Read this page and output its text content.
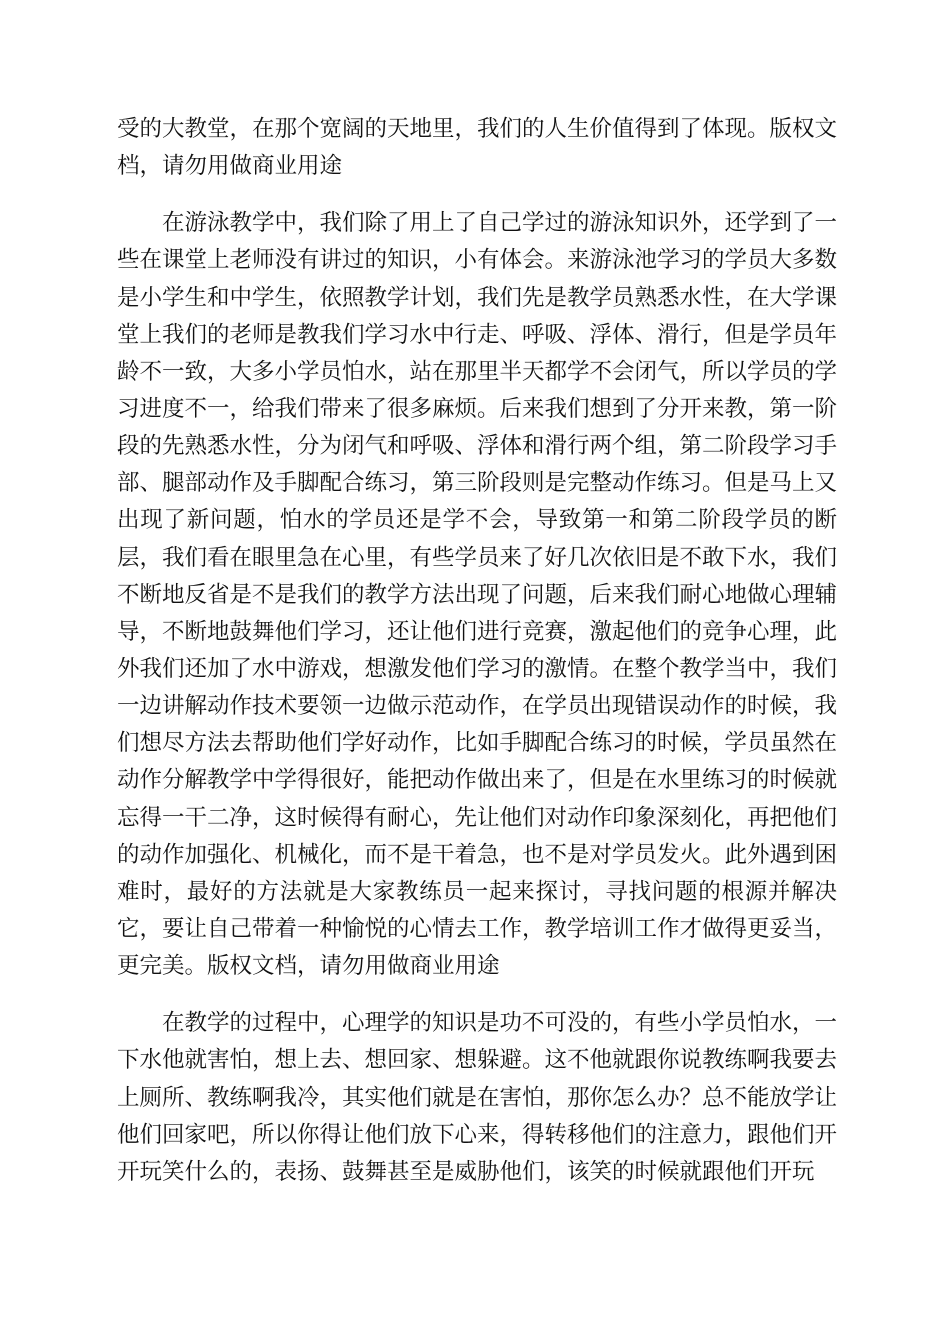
受的大教堂，在那个宽阔的天地里，我们的人生价值得到了体现。版权文
档，请勿用做商业用途
在游泳教学中，我们除了用上了自己学过的游泳知识外，还学到了一
些在课堂上老师没有讲过的知识，小有体会。来游泳池学习的学员大多数
是小学生和中学生，依照教学计划，我们先是教学员熟悉水性，在大学课
堂上我们的老师是教我们学习水中行走、呼吸、浮体、滑行，但是学员年
龄不一致，大多小学员怕水，站在那里半天都学不会闭气，所以学员的学
习进度不一，给我们带来了很多麻烦。后来我们想到了分开来教，第一阶
段的先熟悉水性，分为闭气和呼吸、浮体和滑行两个组，第二阶段学习手
部、腿部动作及手脚配合练习，第三阶段则是完整动作练习。但是马上又
出现了新问题，怕水的学员还是学不会，导致第一和第二阶段学员的断
层，我们看在眼里急在心里，有些学员来了好几次依旧是不敢下水，我们
不断地反省是不是我们的教学方法出现了问题，后来我们耐心地做心理辅
导，不断地鼓舞他们学习，还让他们进行竞赛，激起他们的竞争心理，此
外我们还加了水中游戏，想激发他们学习的激情。在整个教学当中，我们
一边讲解动作技术要领一边做示范动作，在学员出现错误动作的时候，我
们想尽方法去帮助他们学好动作，比如手脚配合练习的时候，学员虽然在
动作分解教学中学得很好，能把动作做出来了，但是在水里练习的时候就
忘得一干二净，这时候得有耐心，先让他们对动作印象深刻化，再把他们
的动作加强化、机械化，而不是干着急，也不是对学员发火。此外遇到困
难时，最好的方法就是大家教练员一起来探讨，寻找问题的根源并解决
它，要让自己带着一种愉悦的心情去工作，教学培训工作才做得更妥当，
更完美。版权文档，请勿用做商业用途
在教学的过程中，心理学的知识是功不可没的，有些小学员怕水，一
下水他就害怕，想上去、想回家、想躲避。这不他就跟你说教练啊我要去
上厕所、教练啊我冷，其实他们就是在害怕，那你怎么办？总不能放学让
他们回家吧，所以你得让他们放下心来，得转移他们的注意力，跟他们开
开玩笑什么的，表扬、鼓舞甚至是威胁他们，该笑的时候就跟他们开玩
